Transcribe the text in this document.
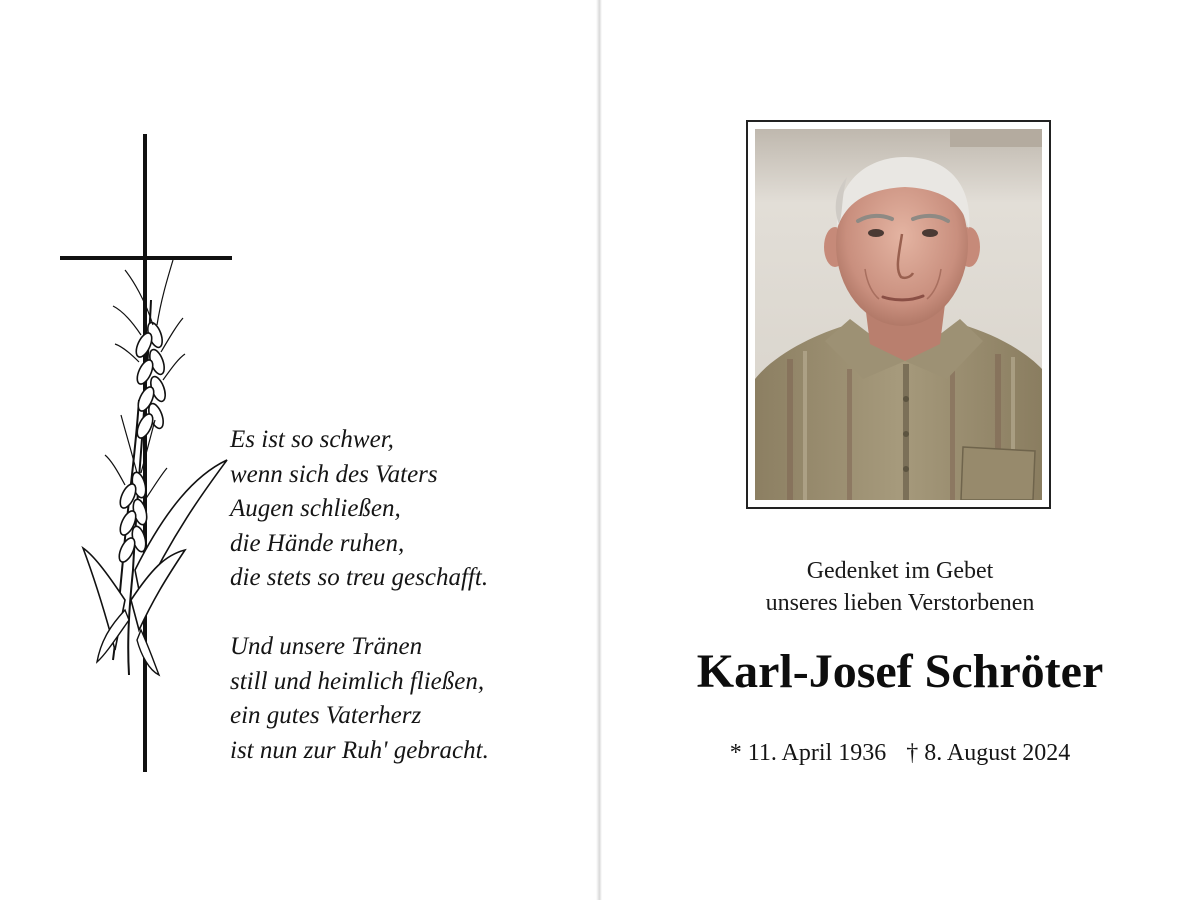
Es ist so schwer,
wenn sich des Vaters
Augen schließen,
die Hände ruhen,
die stets so treu geschafft.

Und unsere Tränen
still und heimlich fließen,
ein gutes Vaterherz
ist nun zur Ruh' gebracht.

Gedenket im Gebet
unseres lieben Verstorbenen
Karl-Josef Schröter
* 11. April 1936 † 8. August 2024
